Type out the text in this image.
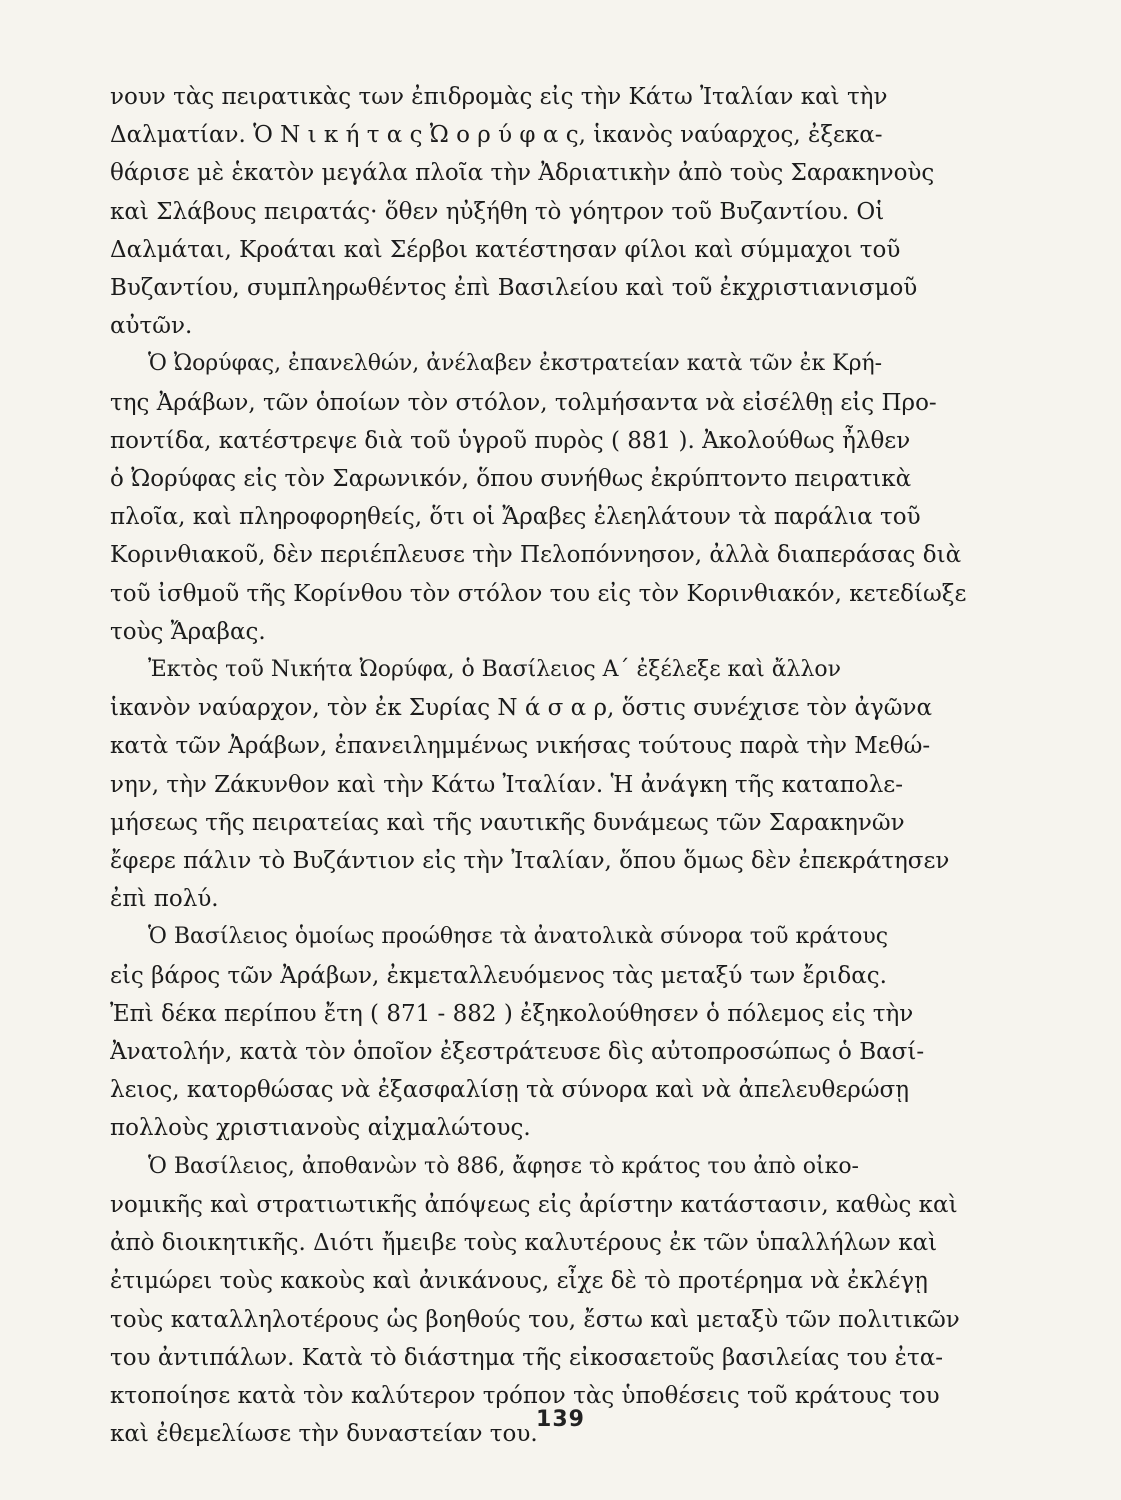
νουν τὰς πειρατικὰς των ἐπιδρομὰς εἰς τὴν Κάτω Ἰταλίαν καὶ τὴν
Δαλματίαν. Ὁ Ν ι κ ή τ α ς Ὠ ο ρ ύ φ α ς, ἱκανὸς ναύαρχος, ἐξεκα-
θάρισε μὲ ἑκατὸν μεγάλα πλοῖα τὴν Ἀδριατικὴν ἀπὸ τοὺς Σαρακηνοὺς
καὶ Σλάβους πειρατάς· ὅθεν ηὐξήθη τὸ γόητρον τοῦ Βυζαντίου. Οἱ
Δαλμάται, Κροάται καὶ Σέρβοι κατέστησαν φίλοι καὶ σύμμαχοι τοῦ
Βυζαντίου, συμπληρωθέντος ἐπὶ Βασιλείου καὶ τοῦ ἐκχριστιανισμοῦ
αὐτῶν.
Ὁ Ὠορύφας, ἐπανελθών, ἀνέλαβεν ἐκστρατείαν κατὰ τῶν ἐκ Κρή-
της Ἀράβων, τῶν ὁποίων τὸν στόλον, τολμήσαντα νὰ εἰσέλθῃ εἰς Προ-
ποντίδα, κατέστρεψε διὰ τοῦ ὑγροῦ πυρὸς ( 881 ). Ἀκολούθως ἦλθεν
ὁ Ὠορύφας εἰς τὸν Σαρωνικόν, ὅπου συνήθως ἐκρύπτοντο πειρατικὰ
πλοῖα, καὶ πληροφορηθείς, ὅτι οἱ Ἄραβες ἐλεηλάτουν τὰ παράλια τοῦ
Κορινθιακοῦ, δὲν περιέπλευσε τὴν Πελοπόννησον, ἀλλὰ διαπεράσας διὰ
τοῦ ἰσθμοῦ τῆς Κορίνθου τὸν στόλον του εἰς τὸν Κορινθιακόν, κετεδίωξε
τοὺς Ἄραβας.
Ἐκτὸς τοῦ Νικήτα Ὠορύφα, ὁ Βασίλειος Α΄ ἐξέλεξε καὶ ἄλλον
ἱκανὸν ναύαρχον, τὸν ἐκ Συρίας Ν ά σ α ρ, ὅστις συνέχισε τὸν ἀγῶνα
κατὰ τῶν Ἀράβων, ἐπανειλημμένως νικήσας τούτους παρὰ τὴν Μεθώ-
νην, τὴν Ζάκυνθον καὶ τὴν Κάτω Ἰταλίαν. Ἡ ἀνάγκη τῆς καταπολε-
μήσεως τῆς πειρατείας καὶ τῆς ναυτικῆς δυνάμεως τῶν Σαρακηνῶν
ἔφερε πάλιν τὸ Βυζάντιον εἰς τὴν Ἰταλίαν, ὅπου ὅμως δὲν ἐπεκράτησεν
ἐπὶ πολύ.
Ὁ Βασίλειος ὁμοίως προώθησε τὰ ἀνατολικὰ σύνορα τοῦ κράτους
εἰς βάρος τῶν Ἀράβων, ἐκμεταλλευόμενος τὰς μεταξύ των ἔριδας.
Ἐπὶ δέκα περίπου ἔτη ( 871 - 882 ) ἐξηκολούθησεν ὁ πόλεμος εἰς τὴν
Ἀνατολήν, κατὰ τὸν ὁποῖον ἐξεστράτευσε δὶς αὐτοπροσώπως ὁ Βασί-
λειος, κατορθώσας νὰ ἐξασφαλίσῃ τὰ σύνορα καὶ νὰ ἀπελευθερώσῃ
πολλοὺς χριστιανοὺς αἰχμαλώτους.
Ὁ Βασίλειος, ἀποθανὼν τὸ 886, ἄφησε τὸ κράτος του ἀπὸ οἰκο-
νομικῆς καὶ στρατιωτικῆς ἀπόψεως εἰς ἀρίστην κατάστασιν, καθὼς καὶ
ἀπὸ διοικητικῆς. Διότι ἤμειβε τοὺς καλυτέρους ἐκ τῶν ὑπαλλήλων καὶ
ἐτιμώρει τοὺς κακοὺς καὶ ἀνικάνους, εἶχε δὲ τὸ προτέρημα νὰ ἐκλέγῃ
τοὺς καταλληλοτέρους ὡς βοηθούς του, ἔστω καὶ μεταξὺ τῶν πολιτικῶν
του ἀντιπάλων. Κατὰ τὸ διάστημα τῆς εἰκοσαετοῦς βασιλείας του ἐτα-
κτοποίησε κατὰ τὸν καλύτερον τρόπον τὰς ὑποθέσεις τοῦ κράτους του
καὶ ἐθεμελίωσε τὴν δυναστείαν του.
139
